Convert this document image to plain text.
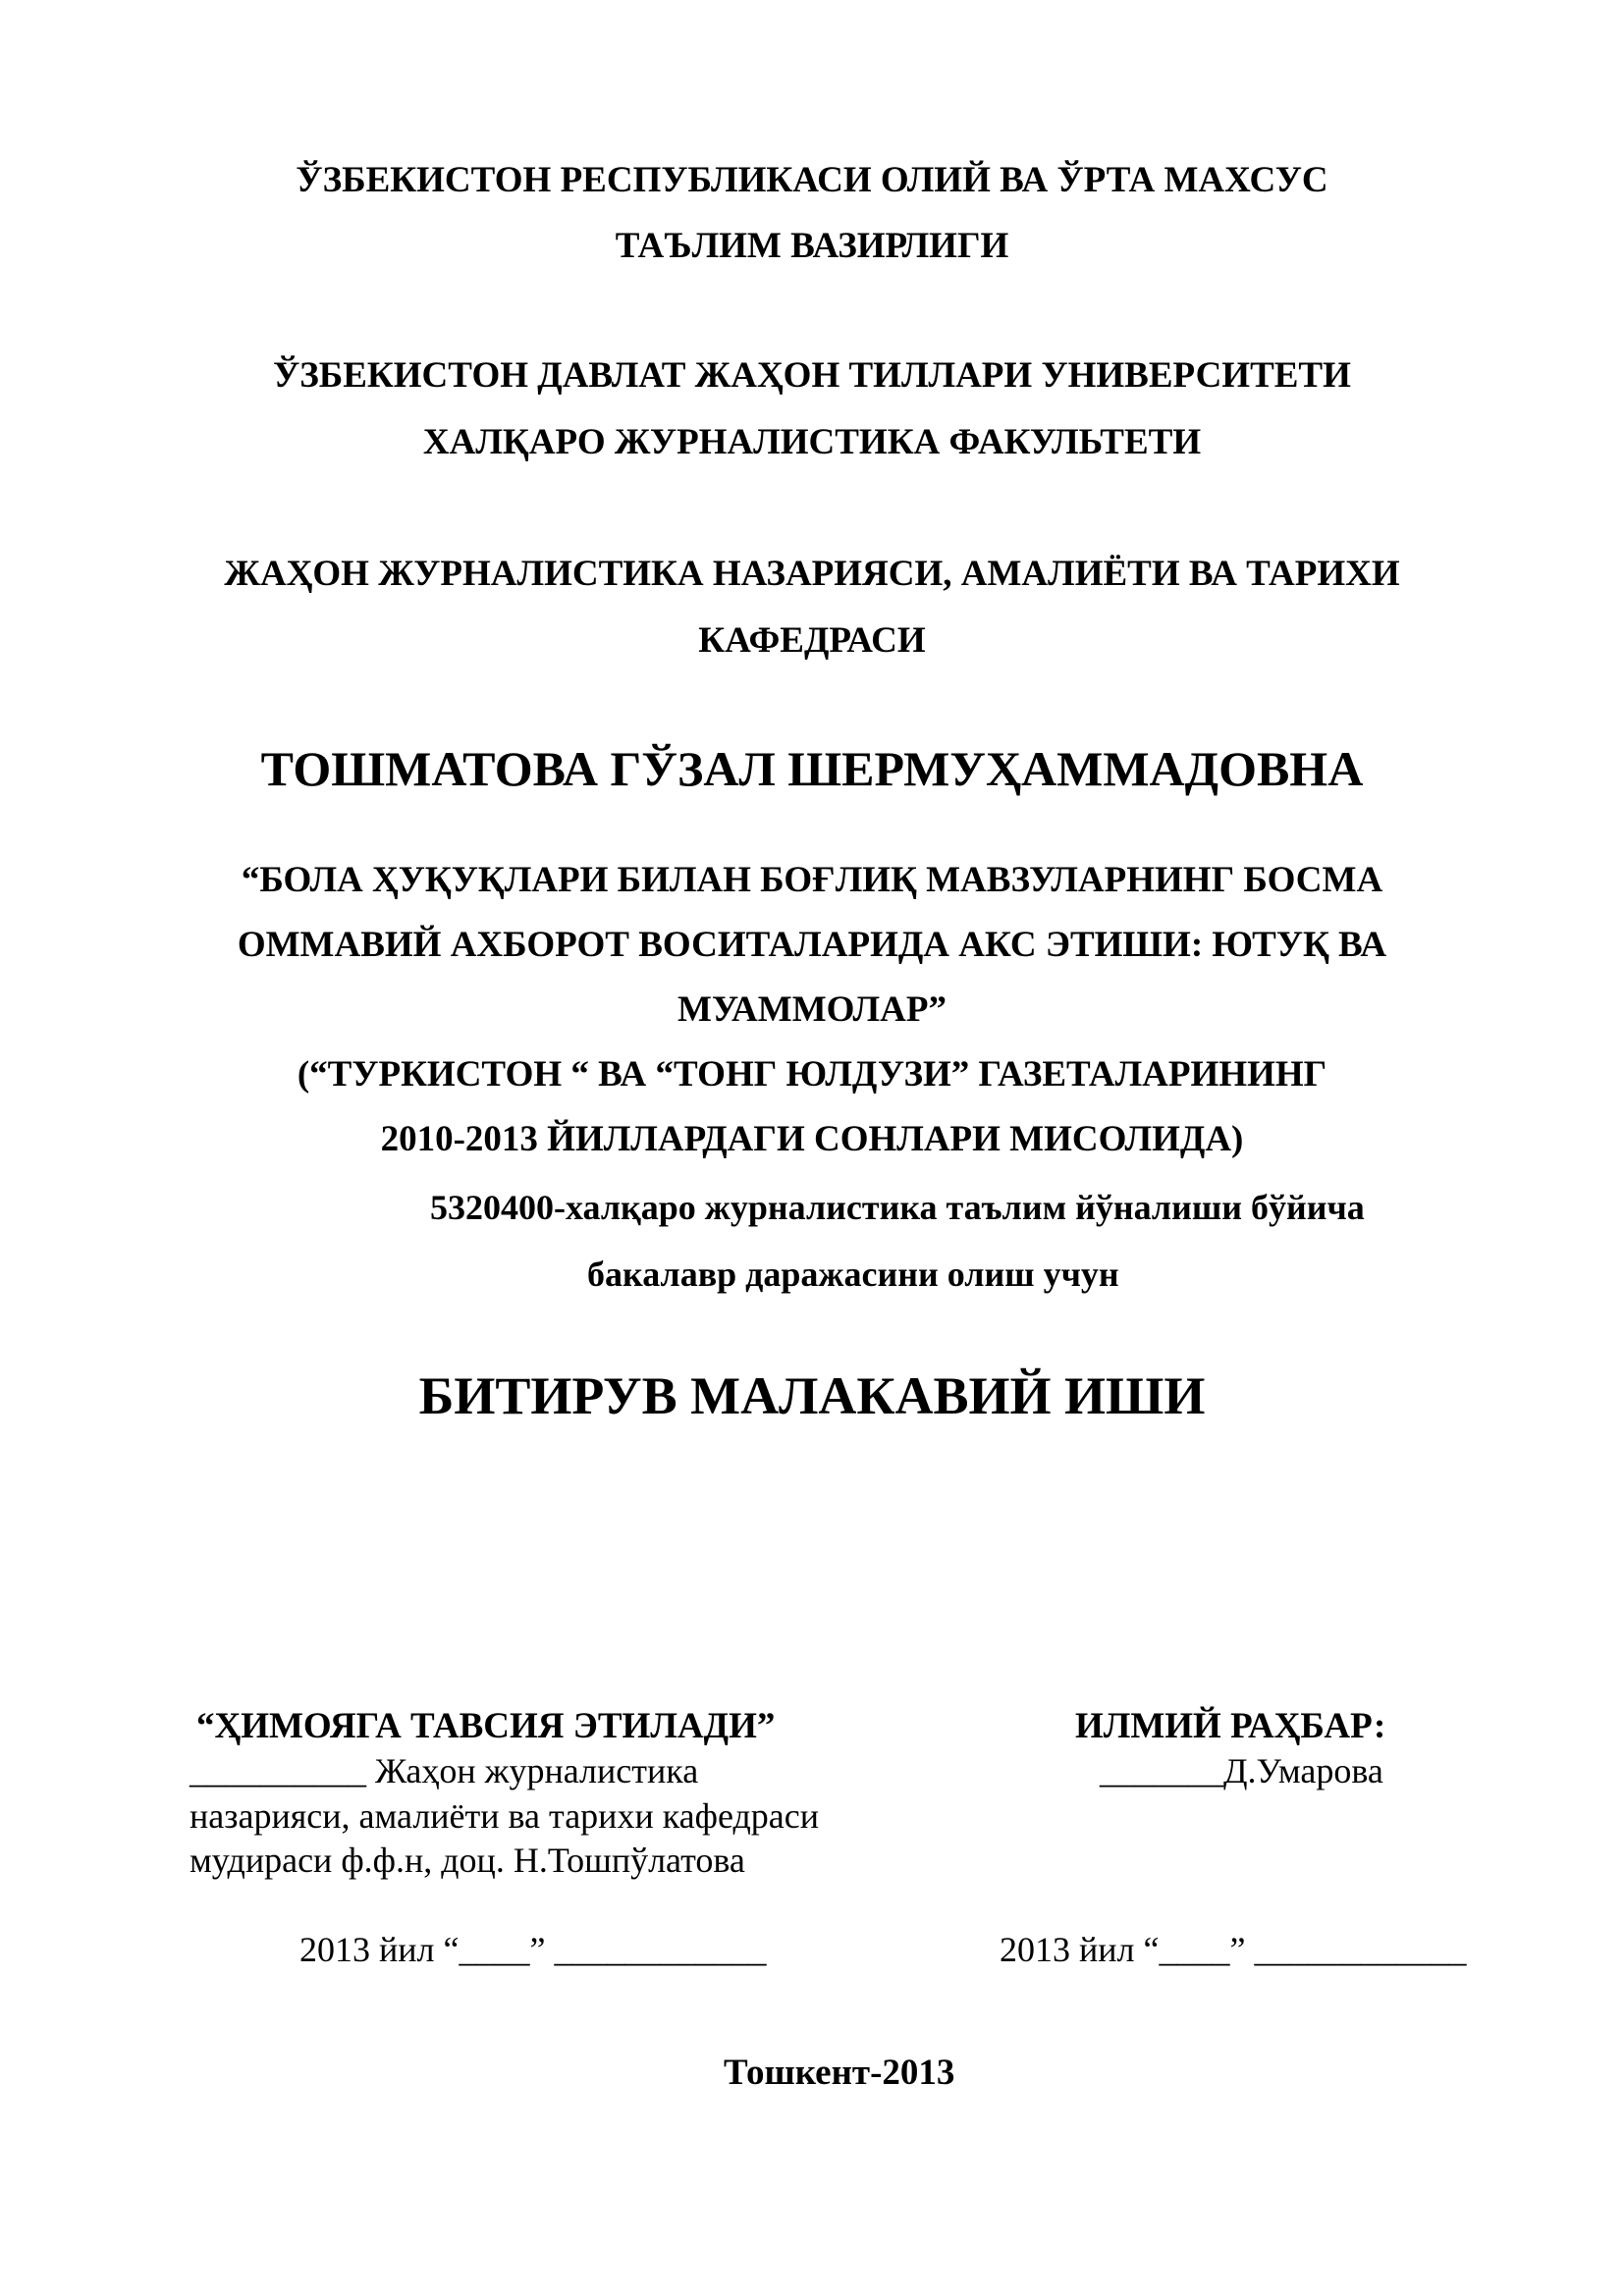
ЎЗБЕКИСТОН РЕСПУБЛИКАСИ ОЛИЙ ВА ЎРТА МАХСУС
ТАЪЛИМ ВАЗИРЛИГИ
ЎЗБЕКИСТОН ДАВЛАТ ЖАҲОН ТИЛЛАРИ УНИВЕРСИТЕТИ
ХАЛҚАРО ЖУРНАЛИСТИКА ФАКУЛЬТЕТИ
ЖАҲОН ЖУРНАЛИСТИКА НАЗАРИЯСИ, АМАЛИЁТИ ВА ТАРИХИ
КАФЕДРАСИ
ТОШМАТОВА ГЎЗАЛ ШЕРМУҲАММАДОВНА
“БОЛА ҲУҚУҚЛАРИ БИЛАН БОҒЛИҚ МАВЗУЛАРНИНГ БОСМА
ОММАВИЙ АХБОРОТ ВОСИТАЛАРИДА АКС ЭТИШИ: ЮТУҚ ВА
МУАММОЛАР”
(“ТУРКИСТОН “ ВА “ТОНГ ЮЛДУЗИ” ГАЗЕТАЛАРИНИНГ
2010-2013 ЙИЛЛАРДАГИ СОНЛАРИ МИСОЛИДА)
5320400-халқаро журналистика таълим йўналиши бўйича
бакалавр даражасини олиш учун
БИТИРУВ МАЛАКАВИЙ ИШИ
“ҲИМОЯГА ТАВСИЯ ЭТИЛАДИ”
__________ Жаҳон журналистика
назарияси, амалиёти ва тарихи кафедраси
мудираси ф.ф.н, доц. Н.Тошпўлатова
2013 йил “____” ____________
ИЛМИЙ РАҲБАР:
_______Д.Умарова
2013 йил “____” ____________
Тошкент-2013
